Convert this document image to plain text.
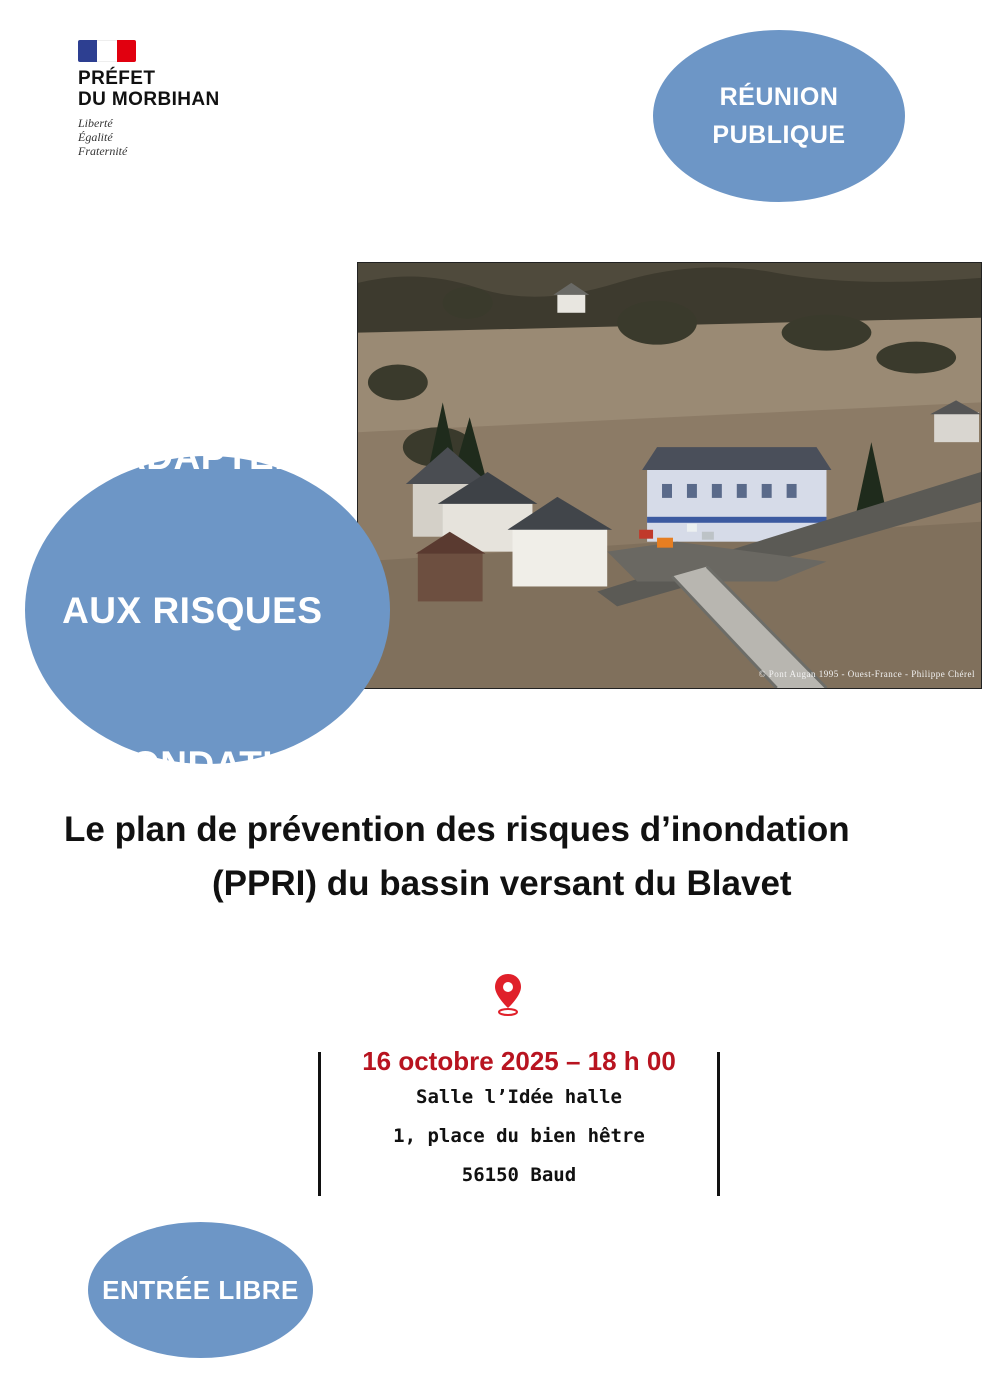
PRÉFET
DU MORBIHAN
Liberté
Égalité
Fraternité
RÉUNION
PUBLIQUE
© Pont Augan 1995 - Ouest-France - Philippe Chérel

S’ADAPTER

AUX RISQUES

D’INONDATION

Le plan de prévention des risques d’inondation
(PPRI) du bassin versant du Blavet
16 octobre 2025 – 18 h 00
Salle l’Idée halle
1, place du bien hêtre
56150 Baud
ENTRÉE LIBRE
